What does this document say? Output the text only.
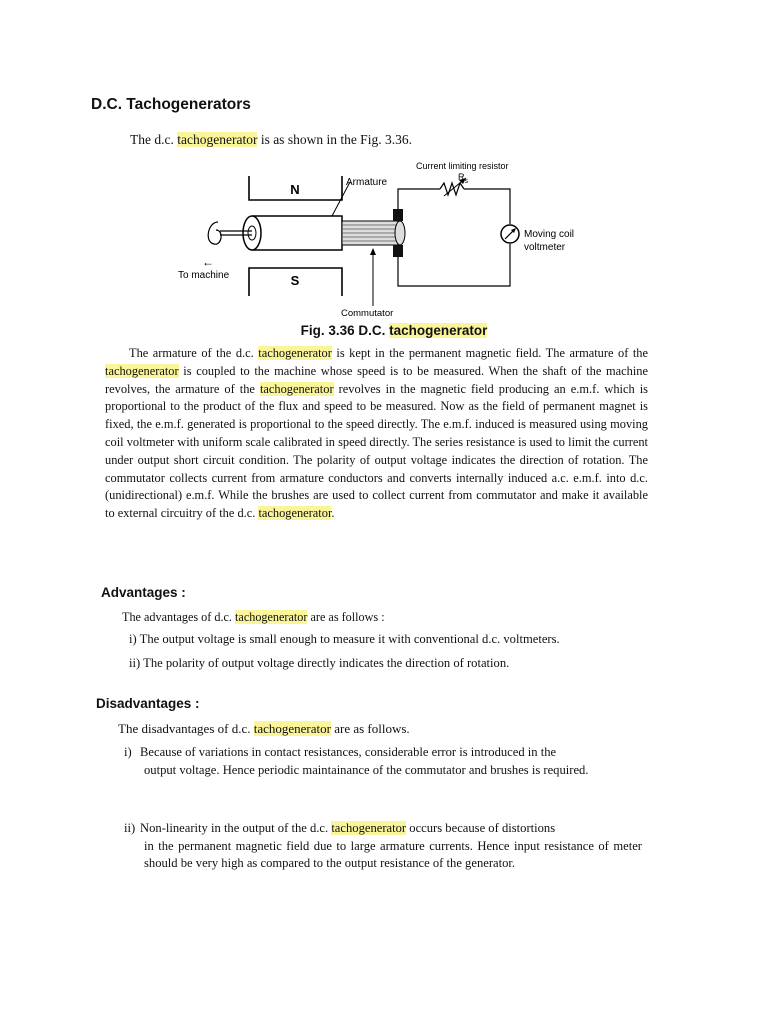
D.C. Tachogenerators
The d.c. tachogenerator is as shown in the Fig. 3.36.
N
S
Current limiting resistor
$R_s$
Armature
Moving coil
voltmeter
←
To machine
Commutator
Fig. 3.36 D.C. tachogenerator
The armature of the d.c. tachogenerator is kept in the permanent magnetic field. The armature of the tachogenerator is coupled to the machine whose speed is to be measured. When the shaft of the machine revolves, the armature of the tachogenerator revolves in the magnetic field producing an e.m.f. which is proportional to the product of the flux and speed to be measured. Now as the field of permanent magnet is fixed, the e.m.f. generated is proportional to the speed directly. The e.m.f. induced is measured using moving coil voltmeter with uniform scale calibrated in speed directly. The series resistance is used to limit the current under output short circuit condition. The polarity of output voltage indicates the direction of rotation. The commutator collects current from armature conductors and converts internally induced a.c. e.m.f. into d.c. (unidirectional) e.m.f. While the brushes are used to collect current from commutator and make it available to external circuitry of the d.c. tachogenerator.
Advantages :
The advantages of d.c. tachogenerator are as follows :
i) The output voltage is small enough to measure it with conventional d.c. voltmeters.
ii) The polarity of output voltage directly indicates the direction of rotation.
Disadvantages :
The disadvantages of d.c. tachogenerator are as follows.
i) Because of variations in contact resistances, considerable error is introduced in the
output voltage. Hence periodic maintainance of the commutator and brushes is required.
ii) Non-linearity in the output of the d.c. tachogenerator occurs because of distortions
in the permanent magnetic field due to large armature currents. Hence input resistance of meter should be very high as compared to the output resistance of the generator.
